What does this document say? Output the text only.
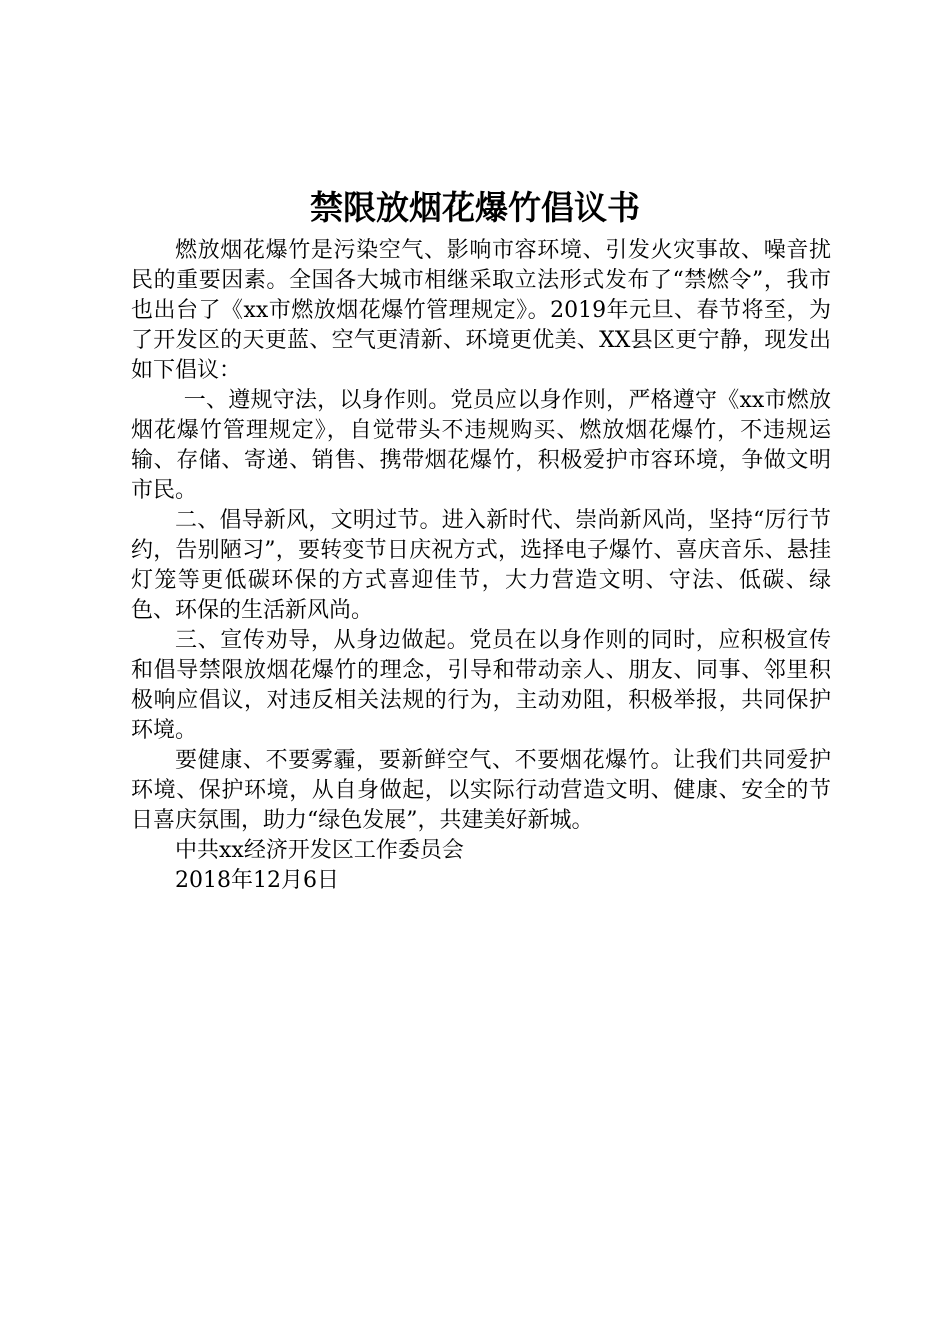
禁限放烟花爆竹倡议书

燃放烟花爆竹是污染空气、影响市容环境、引发火灾事故、噪音扰民的重要因素。全国各大城市相继采取立法形式发布了“禁燃令”，我市也出台了《xx市燃放烟花爆竹管理规定》。2019年元旦、春节将至，为了开发区的天更蓝、空气更清新、环境更优美、XX县区更宁静，现发出如下倡议：

一、遵规守法，以身作则。党员应以身作则，严格遵守《xx市燃放烟花爆竹管理规定》，自觉带头不违规购买、燃放烟花爆竹，不违规运输、存储、寄递、销售、携带烟花爆竹，积极爱护市容环境，争做文明市民。

二、倡导新风，文明过节。进入新时代、崇尚新风尚，坚持“厉行节约，告别陋习”，要转变节日庆祝方式，选择电子爆竹、喜庆音乐、悬挂灯笼等更低碳环保的方式喜迎佳节，大力营造文明、守法、低碳、绿色、环保的生活新风尚。

三、宣传劝导，从身边做起。党员在以身作则的同时，应积极宣传和倡导禁限放烟花爆竹的理念，引导和带动亲人、朋友、同事、邻里积极响应倡议，对违反相关法规的行为，主动劝阻，积极举报，共同保护环境。

要健康、不要雾霾，要新鲜空气、不要烟花爆竹。让我们共同爱护环境、保护环境，从自身做起，以实际行动营造文明、健康、安全的节日喜庆氛围，助力“绿色发展”，共建美好新城。

中共xx经济开发区工作委员会

2018年12月6日
